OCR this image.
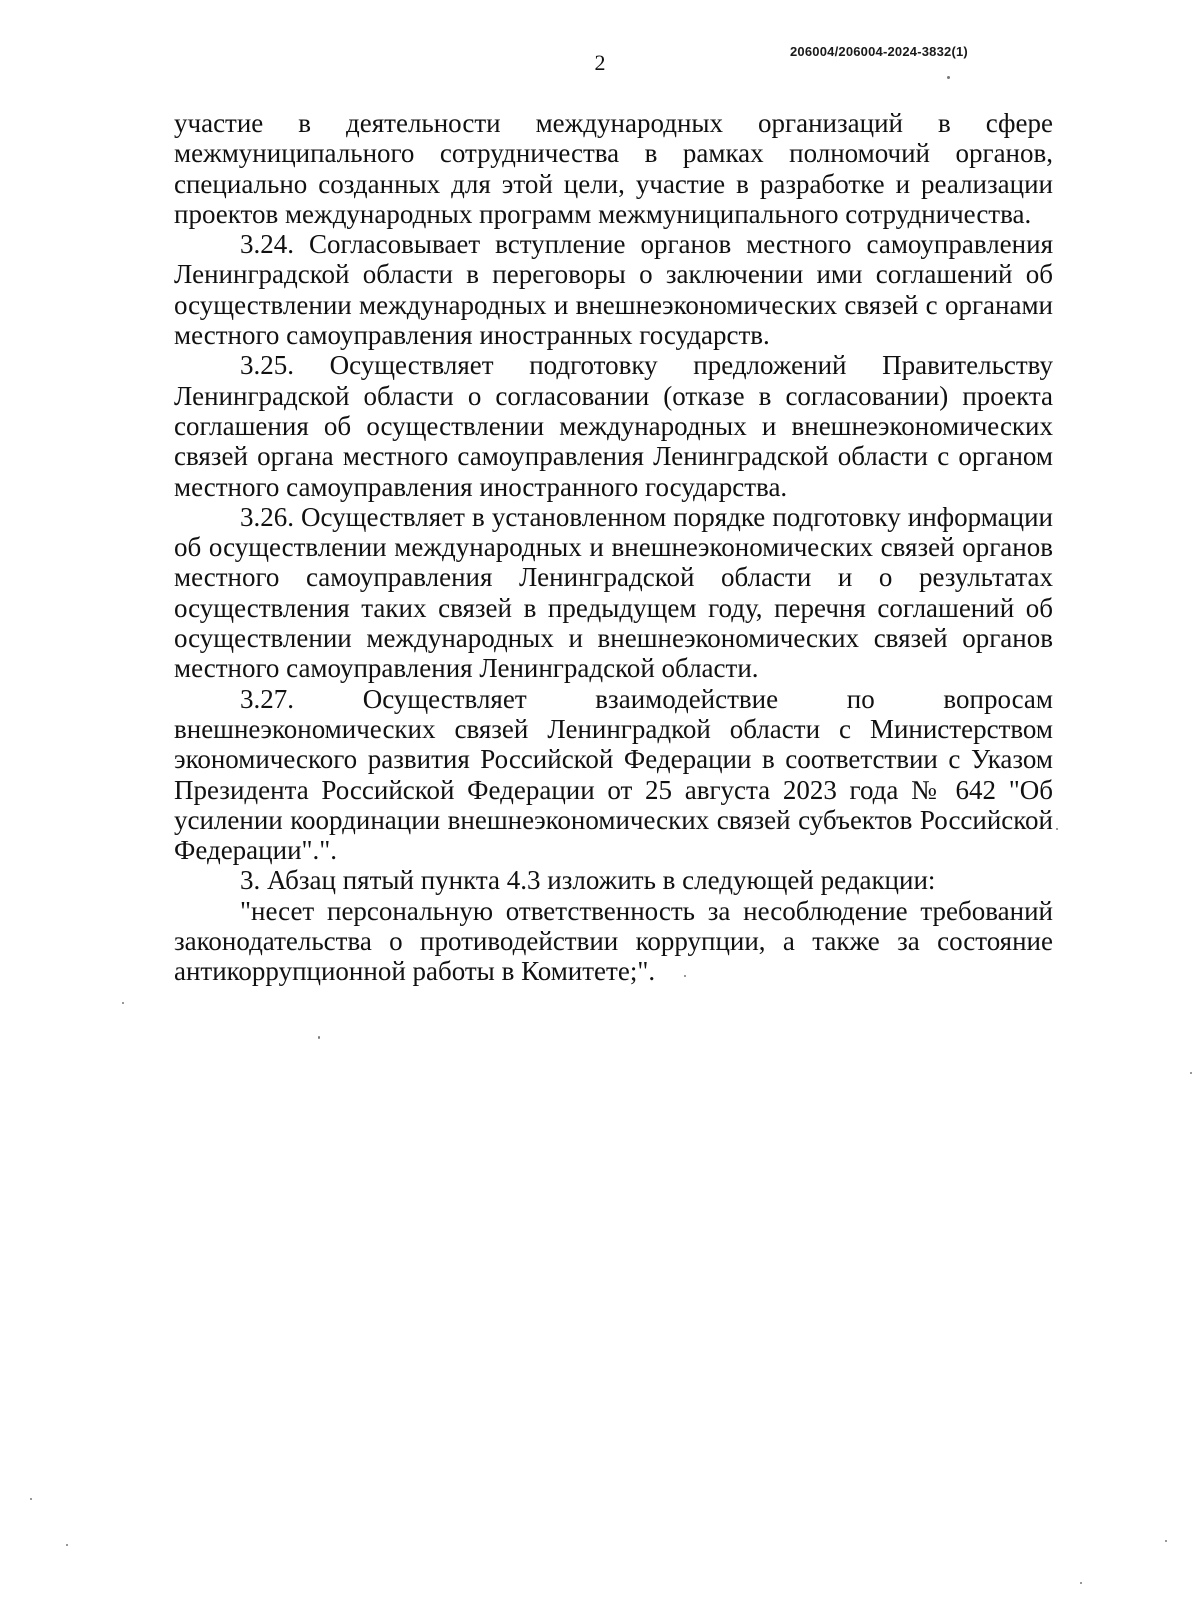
2	206004/206004-2024-3832(1)

участие в деятельности международных организаций в сфере межмуниципального сотрудничества в рамках полномочий органов, специально созданных для этой цели, участие в разработке и реализации проектов международных программ межмуниципального сотрудничества.

3.24. Согласовывает вступление органов местного самоуправления Ленинградской области в переговоры о заключении ими соглашений об осуществлении международных и внешнеэкономических связей с органами местного самоуправления иностранных государств.

3.25. Осуществляет подготовку предложений Правительству Ленинградской области о согласовании (отказе в согласовании) проекта соглашения об осуществлении международных и внешнеэкономических связей органа местного самоуправления Ленинградской области с органом местного самоуправления иностранного государства.

3.26. Осуществляет в установленном порядке подготовку информации об осуществлении международных и внешнеэкономических связей органов местного самоуправления Ленинградской области и о результатах осуществления таких связей в предыдущем году, перечня соглашений об осуществлении международных и внешнеэкономических связей органов местного самоуправления Ленинградской области.

3.27. Осуществляет взаимодействие по вопросам внешнеэкономических связей Ленинградкой области с Министерством экономического развития Российской Федерации в соответствии с Указом Президента Российской Федерации от 25 августа 2023 года № 642 "Об усилении координации внешнеэкономических связей субъектов Российской Федерации".".

3. Абзац пятый пункта 4.3 изложить в следующей редакции:

"несет персональную ответственность за несоблюдение требований законодательства о противодействии коррупции, а также за состояние антикоррупционной работы в Комитете;".
